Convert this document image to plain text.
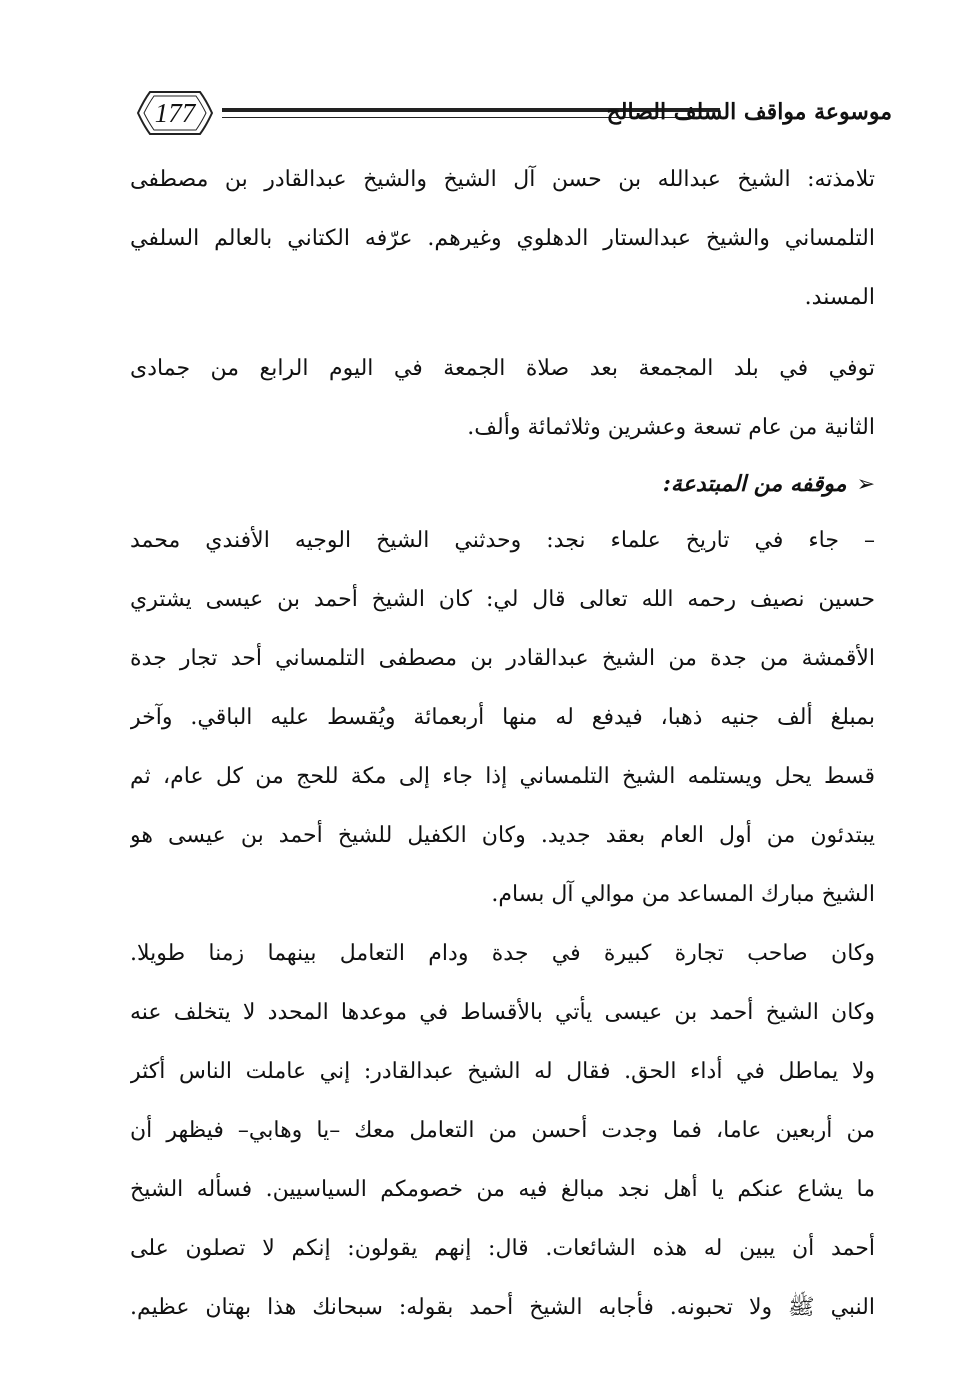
177	موسوعة مواقف السلف الصالح
تلامذته: الشيخ عبدالله بن حسن آل الشيخ والشيخ عبدالقادر بن مصطفى
التلمساني والشيخ عبدالستار الدهلوي وغيرهم. عرّفه الكتاني بالعالم السلفي
المسند.
توفي في بلد المجمعة بعد صلاة الجمعة في اليوم الرابع من جمادى
الثانية من عام تسعة وعشرين وثلاثمائة وألف.
➢موقفه من المبتدعة:
– جاء في تاريخ علماء نجد: وحدثني الشيخ الوجيه الأفندي محمد
حسين نصيف رحمه الله تعالى قال لي: كان الشيخ أحمد بن عيسى يشتري
الأقمشة من جدة من الشيخ عبدالقادر بن مصطفى التلمساني أحد تجار جدة
بمبلغ ألف جنيه ذهبا، فيدفع له منها أربعمائة ويُقسط عليه الباقي. وآخر
قسط يحل ويستلمه الشيخ التلمساني إذا جاء إلى مكة للحج من كل عام، ثم
يبتدئون من أول العام بعقد جديد. وكان الكفيل للشيخ أحمد بن عيسى هو
الشيخ مبارك المساعد من موالي آل بسام.
وكان صاحب تجارة كبيرة في جدة ودام التعامل بينهما زمنا طويلا.
وكان الشيخ أحمد بن عيسى يأتي بالأقساط في موعدها المحدد لا يتخلف عنه
ولا يماطل في أداء الحق. فقال له الشيخ عبدالقادر: إني عاملت الناس أكثر
من أربعين عاما، فما وجدت أحسن من التعامل معك –يا وهابي– فيظهر أن
ما يشاع عنكم يا أهل نجد مبالغ فيه من خصومكم السياسيين. فسأله الشيخ
أحمد أن يبين له هذه الشائعات. قال: إنهم يقولون: إنكم لا تصلون على
النبي ﷺ ولا تحبونه. فأجابه الشيخ أحمد بقوله: سبحانك هذا بهتان عظيم.
